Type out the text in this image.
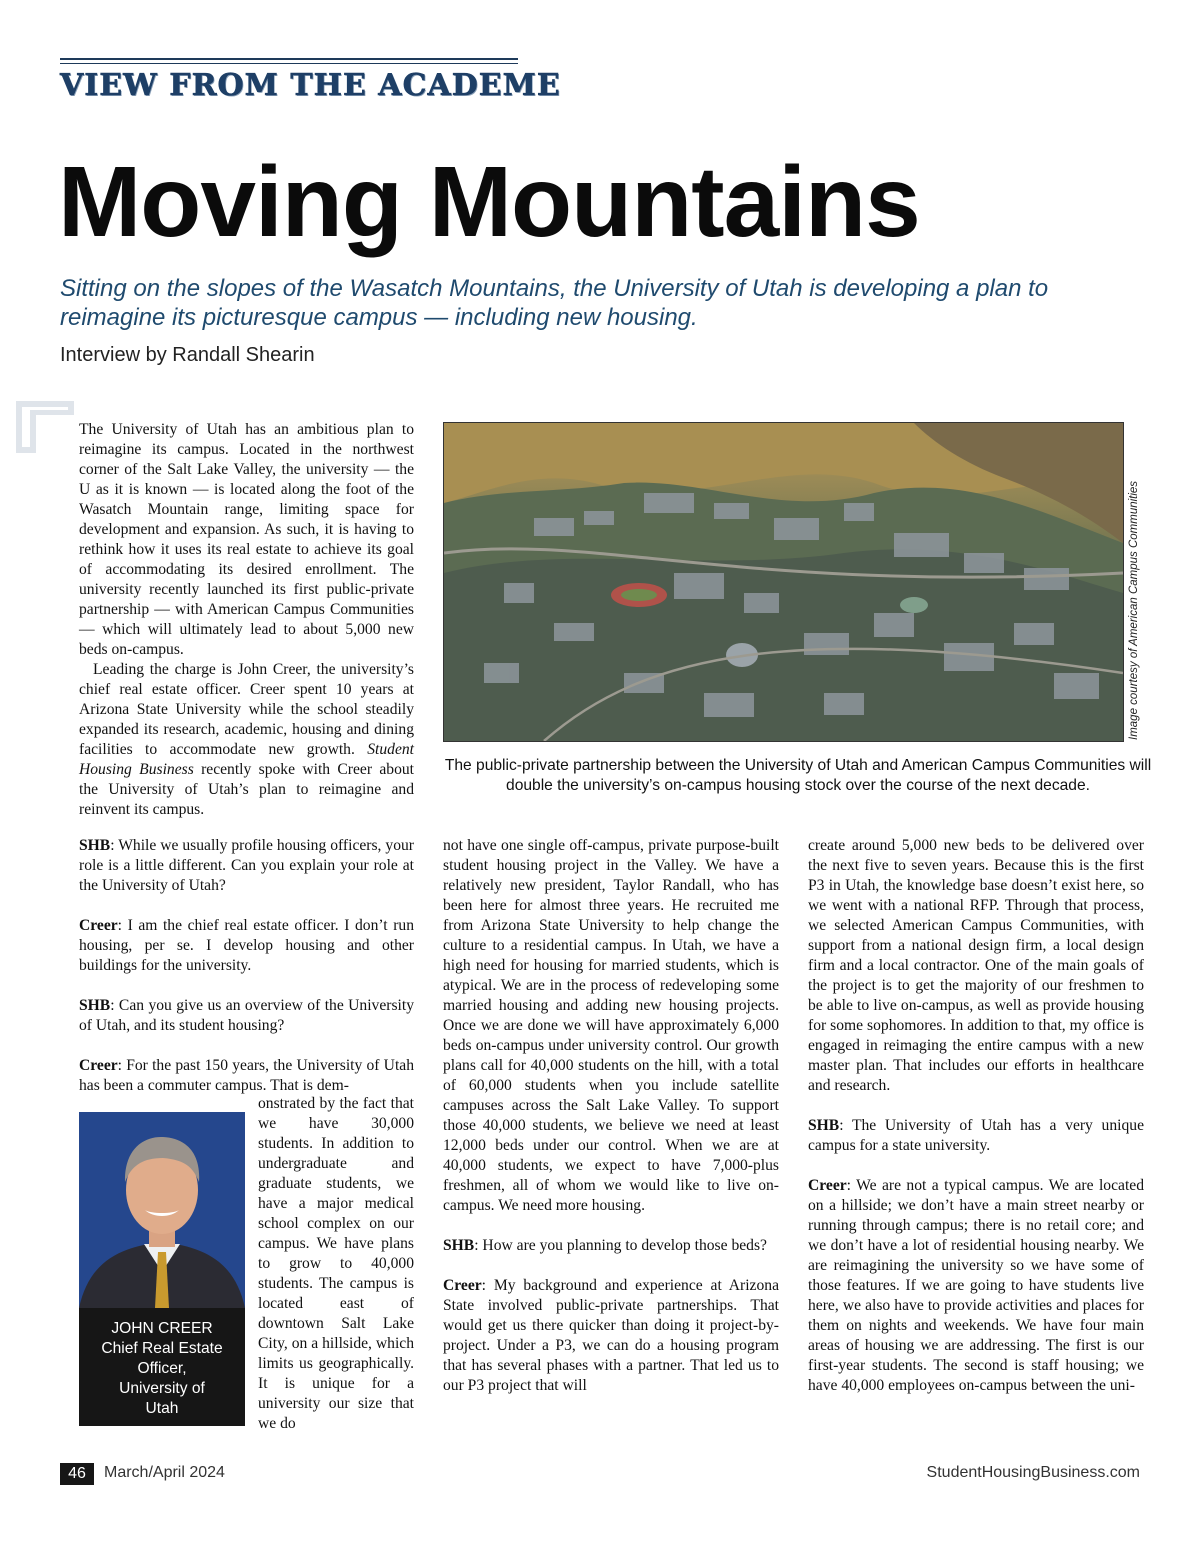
VIEW FROM THE ACADEME
Moving Mountains
Sitting on the slopes of the Wasatch Mountains, the University of Utah is developing a plan to reimagine its picturesque campus — including new housing.
Interview by Randall Shearin

The University of Utah has an ambitious plan to reimagine its campus. Located in the northwest corner of the Salt Lake Valley, the university — the U as it is known — is located along the foot of the Wasatch Mountain range, limiting space for development and expansion. As such, it is having to rethink how it uses its real estate to achieve its goal of accommodating its desired enrollment. The university recently launched its first public-private partnership — with American Campus Communities — which will ultimately lead to about 5,000 new beds on-campus.

Leading the charge is John Creer, the university’s chief real estate officer. Creer spent 10 years at Arizona State University while the school steadily expanded its research, academic, housing and dining facilities to accommodate new growth. Student Housing Business recently spoke with Creer about the University of Utah’s plan to reimagine and reinvent its campus.

Image courtesy of American Campus Communities
The public-private partnership between the University of Utah and American Campus Communities will double the university’s on-campus housing stock over the course of the next decade.

SHB: While we usually profile housing officers, your role is a little different. Can you explain your role at the University of Utah?

Creer: I am the chief real estate officer. I don’t run housing, per se. I develop housing and other buildings for the university.

SHB: Can you give us an overview of the University of Utah, and its student housing?

Creer: For the past 150 years, the University of Utah has been a commuter campus. That is dem-

JOHN CREER
Chief Real Estate
Officer,
University of
Utah

onstrated by the fact that we have 30,000 students. In addition to undergraduate and graduate students, we have a major medical school complex on our campus. We have plans to grow to 40,000 students. The campus is located east of downtown Salt Lake City, on a hillside, which limits us geographically. It is unique for a university our size that we do

not have one single off-campus, private purpose-built student housing project in the Valley. We have a relatively new president, Taylor Randall, who has been here for almost three years. He recruited me from Arizona State University to help change the culture to a residential campus. In Utah, we have a high need for housing for married students, which is atypical. We are in the process of redeveloping some married housing and adding new housing projects. Once we are done we will have approximately 6,000 beds on-campus under university control. Our growth plans call for 40,000 students on the hill, with a total of 60,000 students when you include satellite campuses across the Salt Lake Valley. To support those 40,000 students, we believe we need at least 12,000 beds under our control. When we are at 40,000 students, we expect to have 7,000-plus freshmen, all of whom we would like to live on-campus. We need more housing.

SHB: How are you planning to develop those beds?

Creer: My background and experience at Arizona State involved public-private partnerships. That would get us there quicker than doing it project-by-project. Under a P3, we can do a housing program that has several phases with a partner. That led us to our P3 project that will

create around 5,000 new beds to be delivered over the next five to seven years. Because this is the first P3 in Utah, the knowledge base doesn’t exist here, so we went with a national RFP. Through that process, we selected American Campus Communities, with support from a national design firm, a local design firm and a local contractor. One of the main goals of the project is to get the majority of our freshmen to be able to live on-campus, as well as provide housing for some sophomores. In addition to that, my office is engaged in reimaging the entire campus with a new master plan. That includes our efforts in healthcare and research.

SHB: The University of Utah has a very unique campus for a state university.

Creer: We are not a typical campus. We are located on a hillside; we don’t have a main street nearby or running through campus; there is no retail core; and we don’t have a lot of residential housing nearby. We are reimagining the university so we have some of those features. If we are going to have students live here, we also have to provide activities and places for them on nights and weekends. We have four main areas of housing we are addressing. The first is our first-year students. The second is staff housing; we have 40,000 employees on-campus between the uni-

46	March/April 2024	StudentHousingBusiness.com
